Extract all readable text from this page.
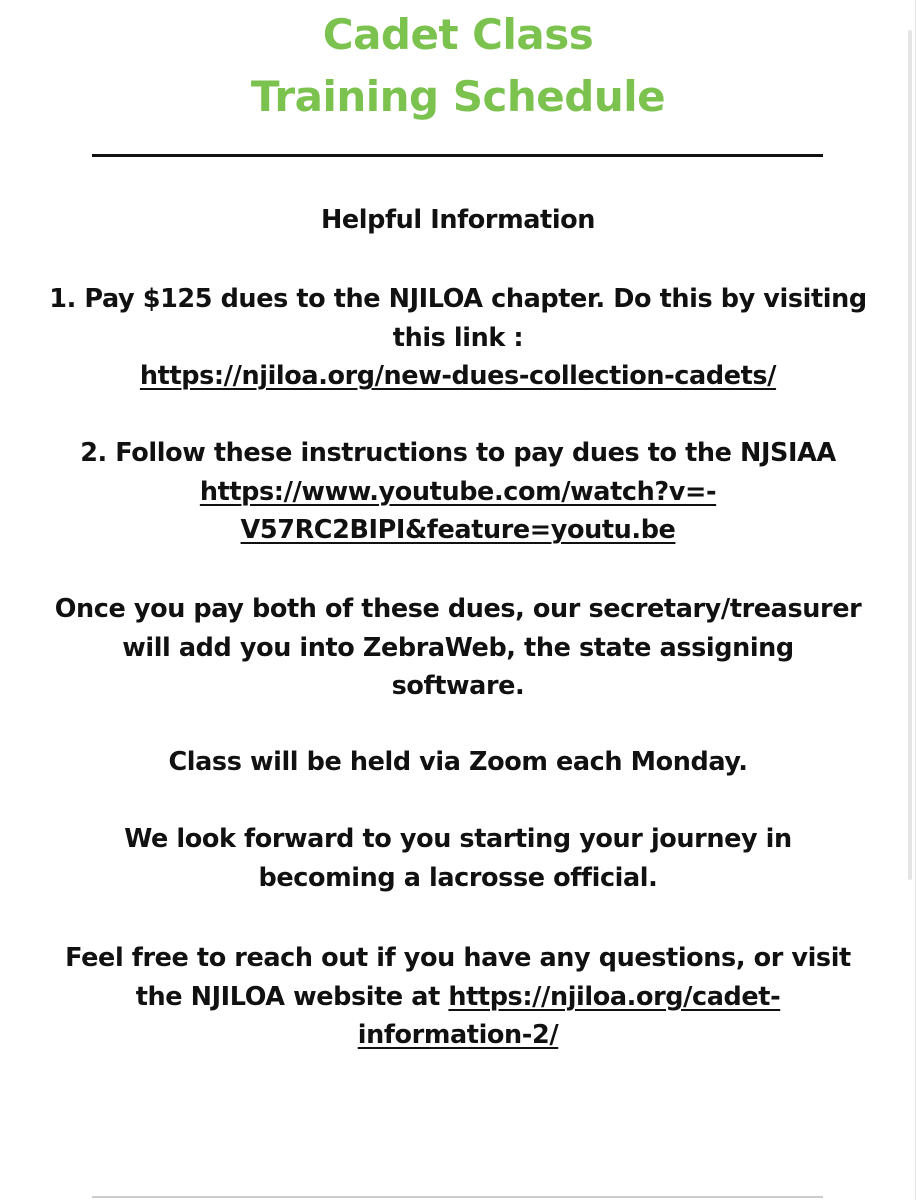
Cadet Class
Training Schedule
Helpful Information
1. Pay $125 dues to the NJILOA chapter. Do this by visiting
this link :
https://njiloa.org/new-dues-collection-cadets/
2. Follow these instructions to pay dues to the NJSIAA
https://www.youtube.com/watch?v=-
V57RC2BIPI&feature=youtu.be
Once you pay both of these dues, our secretary/treasurer
will add you into ZebraWeb, the state assigning
software.
Class will be held via Zoom each Monday.
We look forward to you starting your journey in
becoming a lacrosse official.
Feel free to reach out if you have any questions, or visit
the NJILOA website at https://njiloa.org/cadet-
information-2/
